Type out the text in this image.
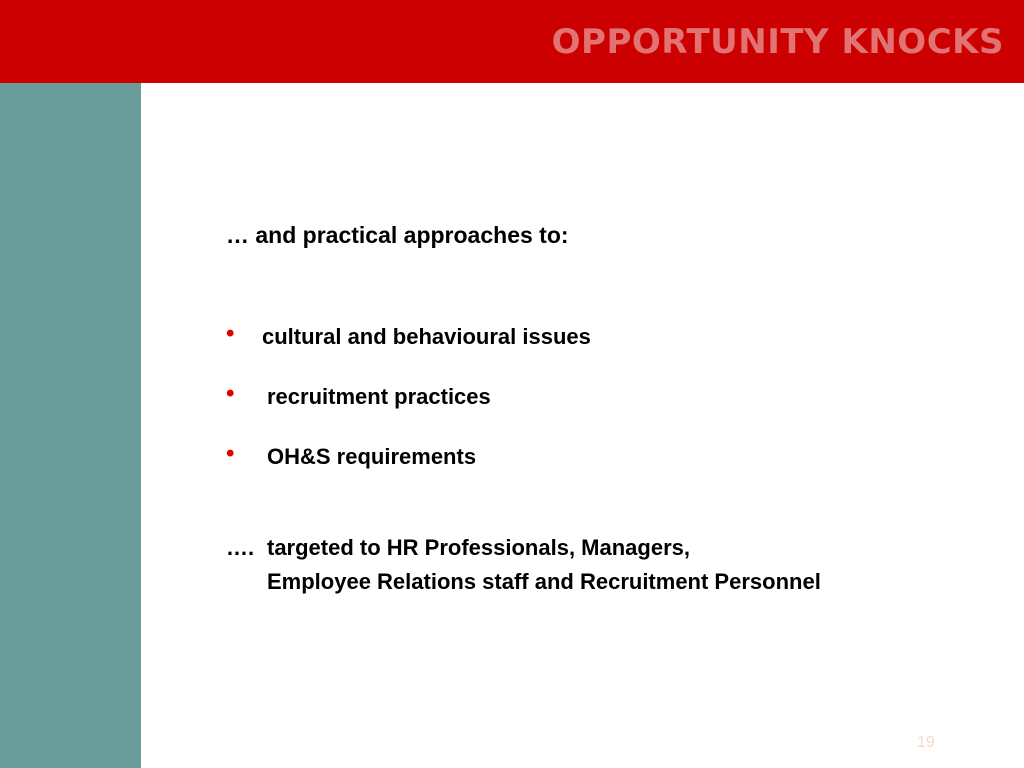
OPPORTUNITY KNOCKS
… and practical approaches to:
• cultural and behavioural issues
• recruitment practices
• OH&S requirements
…. targeted to HR Professionals, Managers,
Employee Relations staff and Recruitment Personnel
19
